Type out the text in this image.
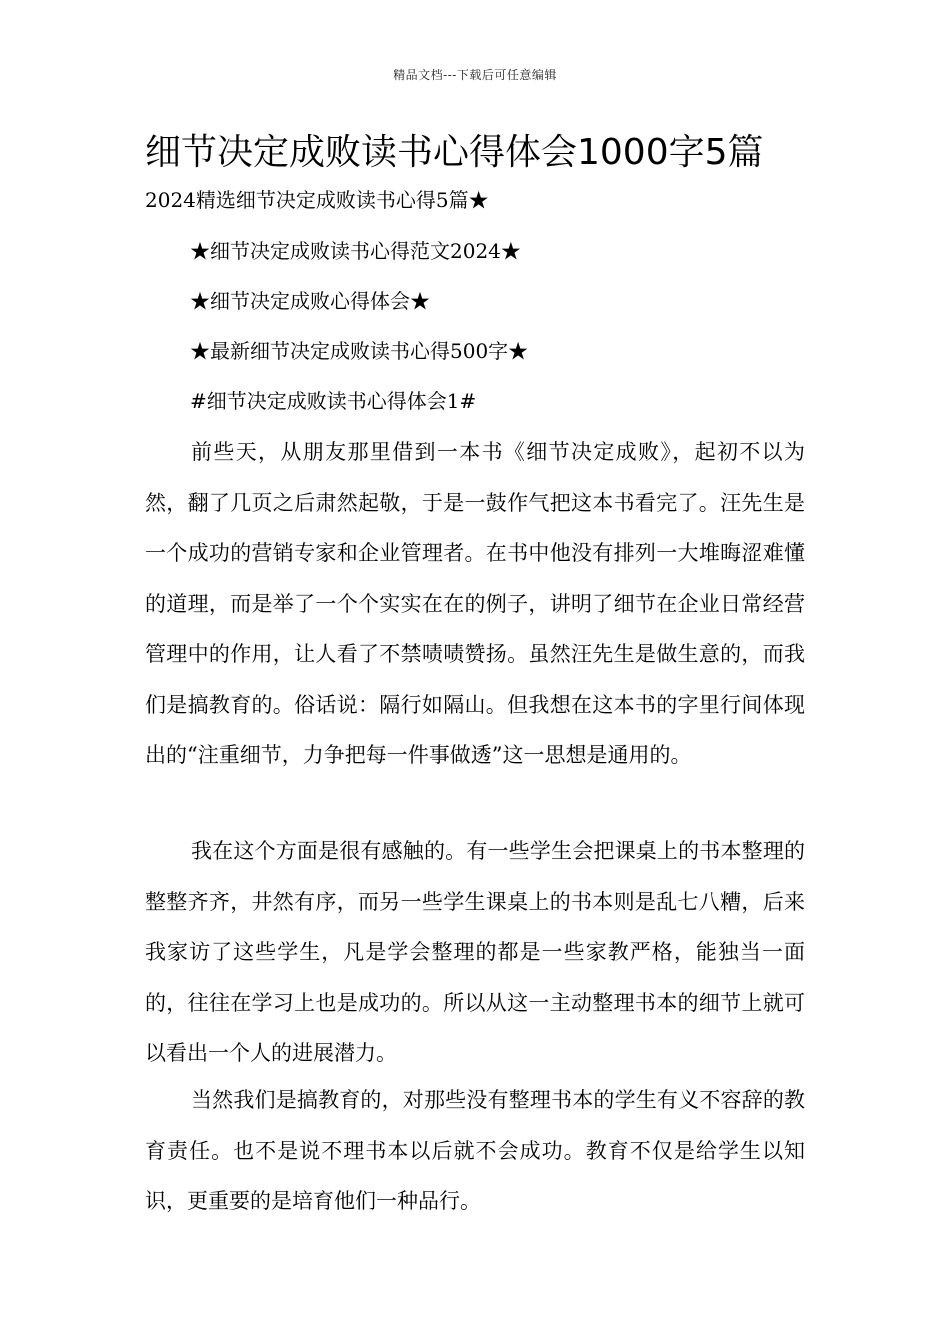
精品文档---下载后可任意编辑
细节决定成败读书心得体会1000字5篇
2024精选细节决定成败读书心得5篇★
★细节决定成败读书心得范文2024★
★细节决定成败心得体会★
★最新细节决定成败读书心得500字★
#细节决定成败读书心得体会1#

前些天，从朋友那里借到一本书《细节决定成败》，起初不以为然，翻了几页之后肃然起敬，于是一鼓作气把这本书看完了。汪先生是一个成功的营销专家和企业管理者。在书中他没有排列一大堆晦涩难懂的道理，而是举了一个个实实在在的例子，讲明了细节在企业日常经营管理中的作用，让人看了不禁啧啧赞扬。虽然汪先生是做生意的，而我们是搞教育的。俗话说：隔行如隔山。但我想在这本书的字里行间体现出的“注重细节，力争把每一件事做透”这一思想是通用的。

我在这个方面是很有感触的。有一些学生会把课桌上的书本整理的整整齐齐，井然有序，而另一些学生课桌上的书本则是乱七八糟，后来我家访了这些学生，凡是学会整理的都是一些家教严格，能独当一面的，往往在学习上也是成功的。所以从这一主动整理书本的细节上就可以看出一个人的进展潜力。

当然我们是搞教育的，对那些没有整理书本的学生有义不容辞的教育责任。也不是说不理书本以后就不会成功。教育不仅是给学生以知识，更重要的是培育他们一种品行。
